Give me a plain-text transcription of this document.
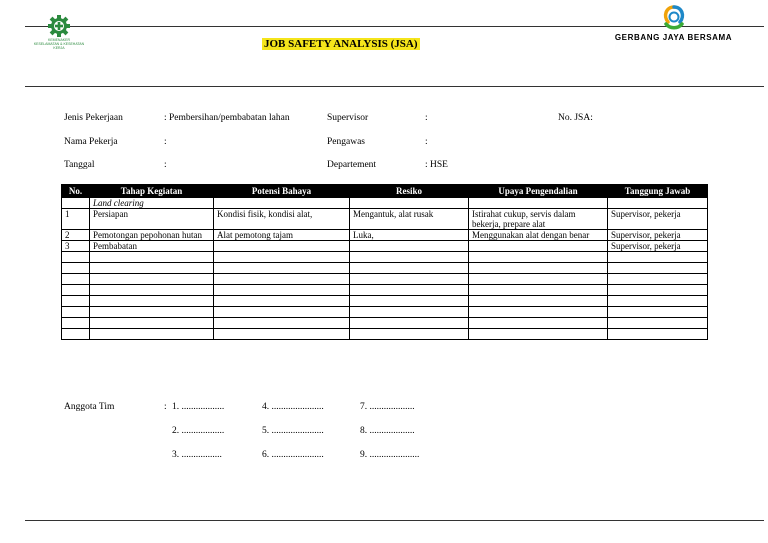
KEMENAKER
KESELAMATAN & KESEHATAN KERJA	JOB SAFETY ANALYSIS (JSA)
GERBANG JAYA BERSAMA
Jenis Pekerjaan	: Pembersihan/pembabatan lahan
Nama Pekerja	:
Tanggal	:
Supervisor	:
Pengawas	:
Departement	: HSE
No. JSA:
No.	Tahap Kegiatan	Potensi Bahaya	Resiko	Upaya Pengendalian	Tanggung Jawab
	Land clearing				
1	Persiapan	Kondisi fisik, kondisi alat,	Mengantuk, alat rusak	Istirahat cukup, servis dalam bekerja, prepare alat	Supervisor, pekerja
2	Pemotongan pepohonan hutan	Alat pemotong tajam	Luka,	Menggunakan alat dengan benar	Supervisor, pekerja
3	Pembabatan				Supervisor, pekerja

Anggota Tim	: 1. ..................
2. ..................
3. .................
4. ......................
5. ......................
6. ......................
7. ...................
8. ...................
9. .....................
